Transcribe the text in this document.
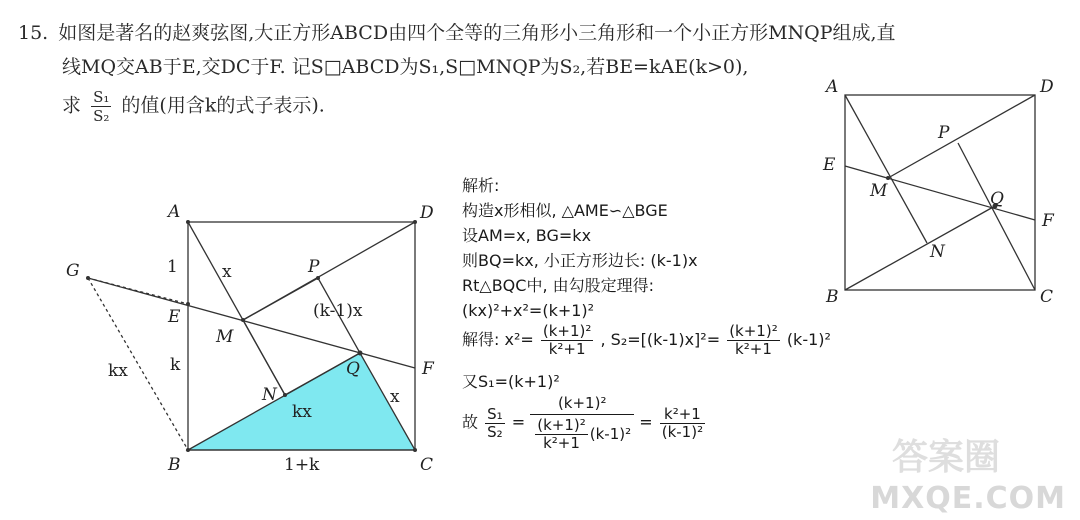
15. 如图是著名的赵爽弦图,大正方形ABCD由四个全等的三角形小三角形和一个小正方形MNQP组成,直
线MQ交AB于E,交DC于F. 记S□ABCD为S₁,S□MNQP为S₂,若BE=kAE(k>0),
求 $\frac{\text{S₁}}{\text{S₂}}$ 的值(用含k的式子表示).
A	D
B	C
E
F
G	P
M
N
Q
1
k
x
kx
kx
(k-1)x
x
1+k
A	D
B	C
E
F
P
M
N
Q
解析:
构造x形相似, △AME∽△BGE
设AM=x, BG=kx
则BQ=kx, 小正方形边长: (k-1)x
Rt△BQC中, 由勾股定理得:
(kx)²+x²=(k+1)²
解得: $x^2= \frac{\text{(k+1)²}}{\text{k²+1}}$ , $S_2=[(k-1)x]^2= \frac{\text{(k+1)²}}{\text{k²+1}} (k-1)^2$
又S₁=(k+1)²
故 $\frac{\text{S₁}}{\text{S₂}} = \frac{\text{(k+1)²}}{\frac{\text{(k+1)²}}{\text{k²+1}} (k-1)^2} = \frac{\text{k²+1}}{\text{(k-1)²}}$
答案圈
MXQE.COM
